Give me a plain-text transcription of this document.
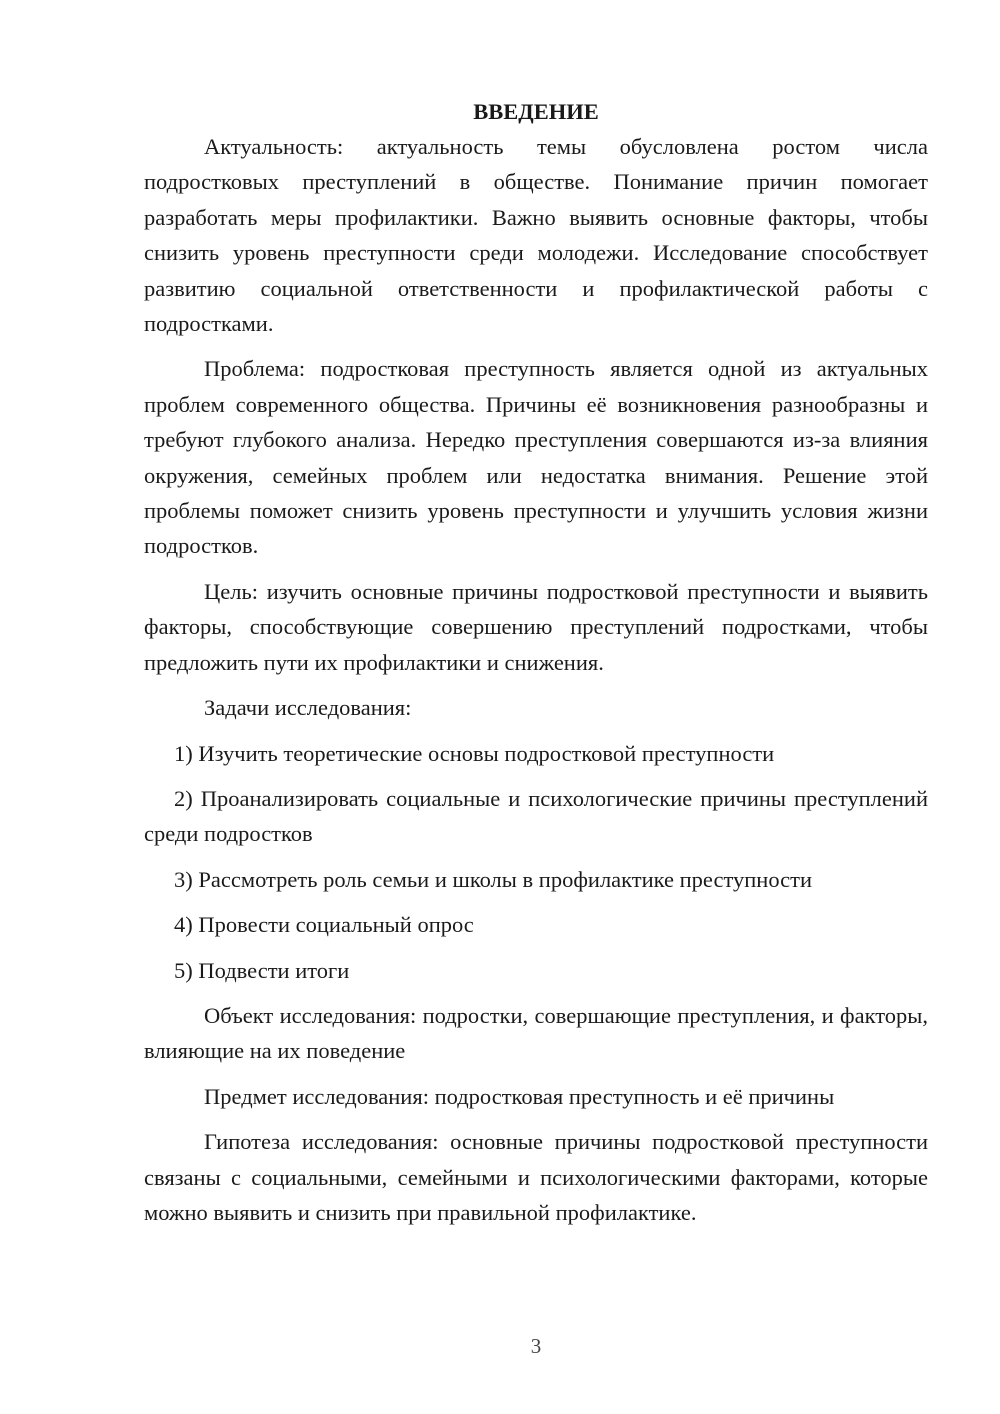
ВВЕДЕНИЕ

Актуальность: актуальность темы обусловлена ростом числа подростковых преступлений в обществе. Понимание причин помогает разработать меры профилактики. Важно выявить основные факторы, чтобы снизить уровень преступности среди молодежи. Исследование способствует развитию социальной ответственности и профилактической работы с подростками.

Проблема: подростковая преступность является одной из актуальных проблем современного общества. Причины её возникновения разнообразны и требуют глубокого анализа. Нередко преступления совершаются из-за влияния окружения, семейных проблем или недостатка внимания. Решение этой проблемы поможет снизить уровень преступности и улучшить условия жизни подростков.

Цель: изучить основные причины подростковой преступности и выявить факторы, способствующие совершению преступлений подростками, чтобы предложить пути их профилактики и снижения.

Задачи исследования:

1) Изучить теоретические основы подростковой преступности

2) Проанализировать социальные и психологические причины преступлений среди подростков

3) Рассмотреть роль семьи и школы в профилактике преступности

4) Провести социальный опрос

5) Подвести итоги

Объект исследования: подростки, совершающие преступления, и факторы, влияющие на их поведение

Предмет исследования: подростковая преступность и её причины

Гипотеза исследования: основные причины подростковой преступности связаны с социальными, семейными и психологическими факторами, которые можно выявить и снизить при правильной профилактике.

3
